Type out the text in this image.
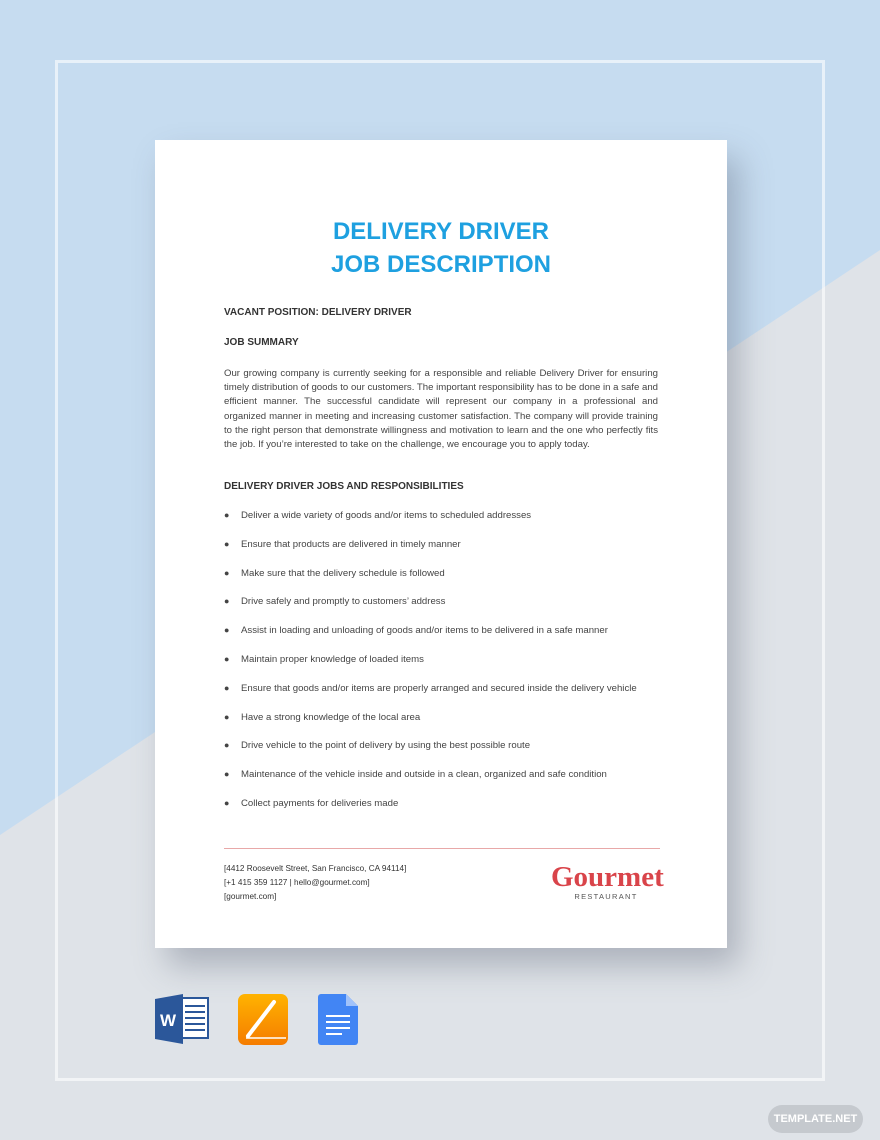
DELIVERY DRIVER
JOB DESCRIPTION
VACANT POSITION: DELIVERY DRIVER
JOB SUMMARY
Our growing company is currently seeking for a responsible and reliable Delivery Driver for ensuring timely distribution of goods to our customers. The important responsibility has to be done in a safe and efficient manner. The successful candidate will represent our company in a professional and organized manner in meeting and increasing customer satisfaction. The company will provide training to the right person that demonstrate willingness and motivation to learn and the one who perfectly fits the job. If you’re interested to take on the challenge, we encourage you to apply today.
DELIVERY DRIVER JOBS AND RESPONSIBILITIES
●	Deliver a wide variety of goods and/or items to scheduled addresses
●	Ensure that products are delivered in timely manner
●	Make sure that the delivery schedule is followed
●	Drive safely and promptly to customers’ address
●	Assist in loading and unloading of goods and/or items to be delivered in a safe manner
●	Maintain proper knowledge of loaded items
●	Ensure that goods and/or items are properly arranged and secured inside the delivery vehicle
●	Have a strong knowledge of the local area
●	Drive vehicle to the point of delivery by using the best possible route
●	Maintenance of the vehicle inside and outside in a clean, organized and safe condition
●	Collect payments for deliveries made
[4412 Roosevelt Street, San Francisco, CA 94114]
[+1 415 359 1127 | hello@gourmet.com]
[gourmet.com]
Gourmet
RESTAURANT
W
TEMPLATE.NET
